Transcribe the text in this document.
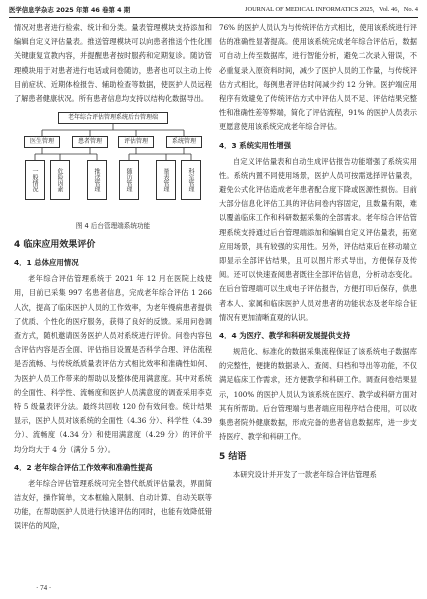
医学信息学杂志 2025 年第 46 卷第 4 期	JOURNAL OF MEDICAL INFORMATICS 2025，Vol. 46，No. 4

情况对患者进行检索、统计和分类。量表管理模块支持添加和编辑自定义评估量表。推送管理模块可以向患者推送个性化围关键康复宣教内容，并提醒患者按时服药和定期复诊。随访管理模块用于对患者进行电话或问卷随访，患者也可以主动上传目前症状、近期体检报告、辅助检查等数据，使医护人员远程了解患者健康状况。所有患者信息均支持以结构化数据导出。

老年综合评估管理系统后台管理端
医生管理	患者管理	评估管理	系统管理
一般情况	危险因素	推送管理	随访管理	量表管理	科室管理
图 4 后台管理端系统功能
4 临床应用效果评价
4．1 总体应用情况

老年综合评估管理系统于 2021 年 12 月在医院上线使用，目前已采集 997 名患者信息，完成老年综合评估 1 266 人次，提高了临床医护人员的工作效率，为老年慢病患者提供了优质、个性化的医疗服务，获得了良好的反馈。采用问卷调查方式，随机邀请医务医护人员对系统进行评价。问卷内容包含评估内容是否全面、评估指目设置是否科学合理、评估流程是否流畅、与传统纸质量表评估方式相比效率和准确性如何、为医护人员工作带来的帮助以及整体使用满意度。其中对系统的全面性、科学性、流畅度和医护人员满意度的调查采用李克特 5 级量表评分法。最终共回收 120 份有效问卷。统计结果显示，医护人员对该系统的全面性（4.36 分）、科学性（4.39 分）、流畅度（4.34 分）和使用满意度（4.29 分）的评价平均分均大于 4 分（满分 5 分）。

4．2 老年综合评估工作效率和准确性提高

老年综合评估管理系统可完全替代纸质评估量表，界面简洁友好，操作简单，文本框输入限制、自动计算、自动关联等功能，在帮助医护人员进行快速评估的同时，也能有效降低错误评估的风险，

76% 的医护人员认为与传统评估方式相比，使用该系统进行评估的准确性显著提高。使用该系统完成老年综合评估后，数据可自动上传至数据库，进行智能分析，避免二次录入错误，不必重复录入原资料时间，减少了医护人员的工作量，与传统评估方式相比，每例患者评估时间减少约 12 分钟。医护端应用程序有效避免了传统评估方式中评估人员不足、评估结果完整性和准确性差等弊端，简化了评估流程，91% 的医护人员表示更愿意使用该系统完成老年综合评估。

4．3 系统实用性增强

自定义评估量表和自动生成评估报告功能增强了系统实用性。系统内置不同使用场景，医护人员可按需选择评估量表，避免公式化评估造成老年患者配合度下降或医源性损伤。目前大部分信息化评估工具的评估问卷内容固定，且数量有限，难以覆盖临床工作和科研数据采集的全部需求。老年综合评估管理系统支持通过后台管理端添加和编辑自定义评估量表，拓宽应用场景，具有较强的实用性。另外，评估结束后在移动端立即显示全部评估结果，且可以图片形式导出，方便保存及传阅。还可以快速查阅患者既往全部评估信息，分析动态变化。在后台管理端可以生成电子评估报告，方便打印后保存，供患者本人、家属和临床医护人员对患者的功能状态及老年综合征情况有更加清晰直观的认识。

4．4 为医疗、教学和科研发展提供支持

规范化、标准化的数据采集流程保证了该系统电子数据库的完整性，便捷的数据录入、查阅、归档和导出等功能，不仅满足临床工作需求，还方便教学和科研工作。调查问卷结果显示，100% 的医护人员认为该系统在医疗、教学或科研方面对其有所帮助。后台管理端与患者端应用程序结合使用，可以收集患者院外健康数据，形成完备的患者信息数据库，进一步支持医疗、教学和科研工作。

5 结语

本研究设计并开发了一款老年综合评估管理系

· 74 ·
